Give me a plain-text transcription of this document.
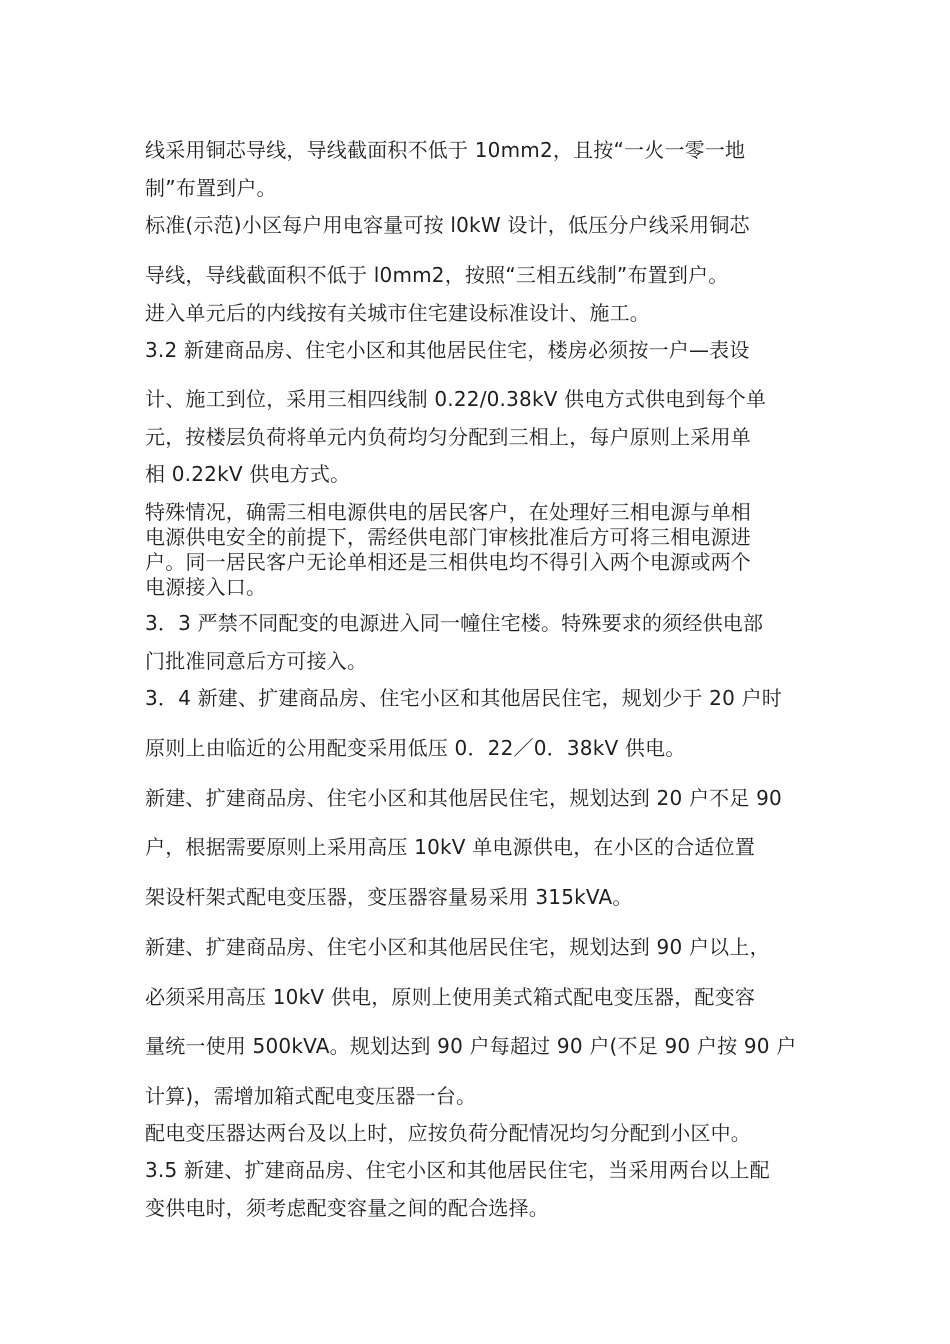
线采用铜芯导线，导线截面积不低于 10mm2，且按“一火一零一地
制”布置到户。
标准(示范)小区每户用电容量可按 l0kW 设计，低压分户线采用铜芯
导线，导线截面积不低于 l0mm2，按照“三相五线制”布置到户。
进入单元后的内线按有关城市住宅建设标准设计、施工。
3.2 新建商品房、住宅小区和其他居民住宅，楼房必须按一户—表设
计、施工到位，采用三相四线制 0.22/0.38kV 供电方式供电到每个单
元，按楼层负荷将单元内负荷均匀分配到三相上，每户原则上采用单
相 0.22kV 供电方式。
特殊情况，确需三相电源供电的居民客户，在处理好三相电源与单相
电源供电安全的前提下，需经供电部门审核批准后方可将三相电源进
户。同一居民客户无论单相还是三相供电均不得引入两个电源或两个
电源接入口。
3．3 严禁不同配变的电源进入同一幢住宅楼。特殊要求的须经供电部
门批准同意后方可接入。
3．4 新建、扩建商品房、住宅小区和其他居民住宅，规划少于 20 户时
原则上由临近的公用配变采用低压 0．22／0．38kV 供电。
新建、扩建商品房、住宅小区和其他居民住宅，规划达到 20 户不足 90
户，根据需要原则上采用高压 10kV 单电源供电，在小区的合适位置
架设杆架式配电变压器，变压器容量易采用 315kVA。
新建、扩建商品房、住宅小区和其他居民住宅，规划达到 90 户以上，
必须采用高压 10kV 供电，原则上使用美式箱式配电变压器，配变容
量统一使用 500kVA。规划达到 90 户每超过 90 户(不足 90 户按 90 户
计算)，需增加箱式配电变压器一台。
配电变压器达两台及以上时，应按负荷分配情况均匀分配到小区中。
3.5 新建、扩建商品房、住宅小区和其他居民住宅，当采用两台以上配
变供电时，须考虑配变容量之间的配合选择。
